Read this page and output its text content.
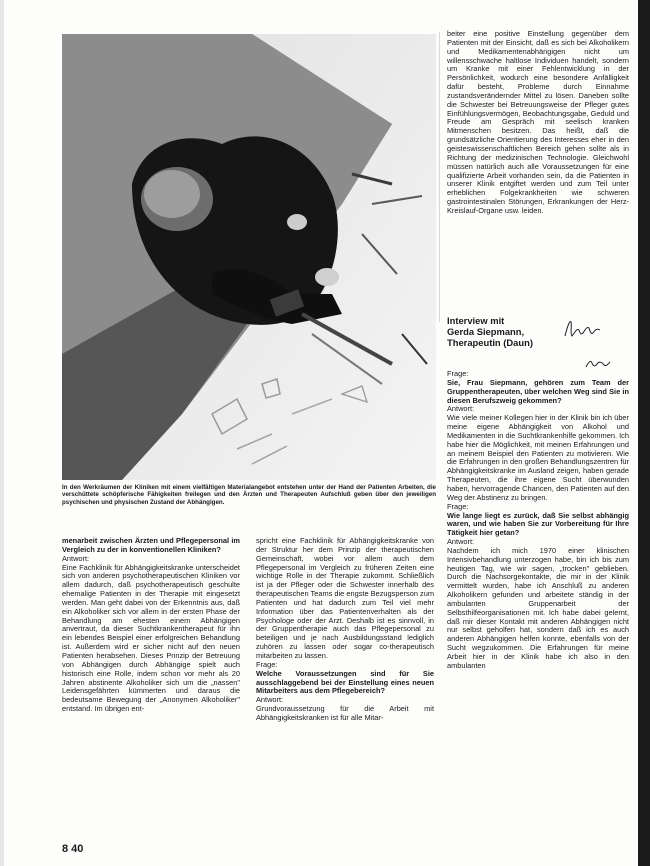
In den Werkräumen der Kliniken mit einem vielfältigen Materialangebot entstehen unter der Hand der Patienten Arbeiten, die verschüttete schöpferische Fähigkeiten freilegen und den Ärzten und Therapeuten Aufschluß geben über den jeweiligen psychischen und physischen Zustand der Abhängigen.

menarbeit zwischen Ärzten und Pflegepersonal im Vergleich zu der in konventionellen Kliniken?

Antwort:

Eine Fachklinik für Abhängigkeitskranke unterscheidet sich von anderen psychotherapeutischen Kliniken vor allem dadurch, daß psychotherapeutisch geschulte ehemalige Patienten in der Therapie mit eingesetzt werden. Man geht dabei von der Erkenntnis aus, daß ein Alkoholiker sich vor allem in der ersten Phase der Behandlung am ehesten einem Abhängigen anvertraut, da dieser Suchtkrankentherapeut für ihn ein lebendes Beispiel einer erfolgreichen Behandlung ist. Außerdem wird er sicher nicht auf den neuen Patienten herabsehen. Dieses Prinzip der Betreuung von Abhängigen durch Abhängige spielt auch historisch eine Rolle, indem schon vor mehr als 20 Jahren abstinente Alkoholiker sich um die „nassen" Leidensgefährten kümmerten und daraus die bedeutsame Bewegung der „Anonymen Alkoholiker" entstand. Im übrigen ent-

spricht eine Fachklinik für Abhängigkeitskranke von der Struktur her dem Prinzip der therapeutischen Gemeinschaft, wobei vor allem auch dem Pflegepersonal im Vergleich zu früheren Zeiten eine wichtige Rolle in der Therapie zukommt. Schließlich ist ja der Pfleger oder die Schwester innerhalb des therapeutischen Teams die engste Bezugsperson zum Patienten und hat dadurch zum Teil viel mehr Information über das Patientenverhalten als der Psychologe oder der Arzt. Deshalb ist es sinnvoll, in der Gruppentherapie auch das Pflegepersonal zu beteiligen und je nach Ausbildungsstand lediglich zuhören zu lassen oder sogar co-therapeutisch mitarbeiten zu lassen.

Frage:

Welche Voraussetzungen sind für Sie ausschlaggebend bei der Einstellung eines neuen Mitarbeiters aus dem Pflegebereich?

Antwort:

Grundvoraussetzung für die Arbeit mit Abhängigkeitskranken ist für alle Mitar-

beiter eine positive Einstellung gegenüber dem Patienten mit der Einsicht, daß es sich bei Alkoholikern und Medikamentenabhängigen nicht um willensschwache haltlose Individuen handelt, sondern um Kranke mit einer Fehlentwicklung in der Persönlichkeit, wodurch eine besondere Anfälligkeit dafür besteht, Probleme durch Einnahme zustandsverändernder Mittel zu lösen. Daneben sollte die Schwester bei Betreuungsweise der Pfleger gutes Einfühlungsvermögen, Beobachtungsgabe, Geduld und Freude am Gespräch mit seelisch kranken Mitmenschen besitzen. Das heißt, daß die grundsätzliche Orientierung des Interesses eher in den geisteswissenschaftlichen Bereich gehen sollte als in Richtung der medizinischen Technologie. Gleichwohl müssen natürlich auch alle Voraussetzungen für eine qualifizierte Arbeit vorhanden sein, da die Patienten in unserer Klinik entgiftet werden und zum Teil unter erheblichen Folgekrankheiten wie schweren gastrointestinalen Störungen, Erkrankungen der Herz-Kreislauf-Organe usw. leiden.

Interview mit
Gerda Siepmann,
Therapeutin (Daun)
Frage:

Sie, Frau Siepmann, gehören zum Team der Gruppentherapeuten, über welchen Weg sind Sie in diesen Berufszweig gekommen?

Antwort:

Wie viele meiner Kollegen hier in der Klinik bin ich über meine eigene Abhängigkeit von Alkohol und Medikamenten in die Suchtkrankenhilfe gekommen. Ich habe hier die Möglichkeit, mit meinen Erfahrungen und an meinem Beispiel den Patienten zu motivieren. Wie die Erfahrungen in den großen Behandlungszentren für Abhängigkeitskranke im Ausland zeigen, haben gerade Therapeuten, die ihre eigene Sucht überwunden haben, hervorragende Chancen, den Patienten auf den Weg der Abstinenz zu bringen.

Frage:

Wie lange liegt es zurück, daß Sie selbst abhängig waren, und wie haben Sie zur Vorbereitung für Ihre Tätigkeit hier getan?

Antwort:

Nachdem ich mich 1970 einer klinischen Intensivbehandlung unterzogen habe, bin ich bis zum heutigen Tag, wie wir sagen, „trocken" geblieben. Durch die Nachsorgekontakte, die mir in der Klinik vermittelt wurden, habe ich Anschluß zu anderen Alkoholikern gefunden und arbeitete ständig in der ambulanten Gruppenarbeit der Selbsthilfeorganisationen mit. Ich habe dabei gelernt, daß mir dieser Kontakt mit anderen Abhängigen nicht nur selbst geholfen hat, sondern daß ich es auch anderen Abhängigen helfen konnte, ebenfalls von der Sucht wegzukommen. Die Erfahrungen für meine Arbeit hier in der Klinik habe ich also in den ambulanten

8 40
